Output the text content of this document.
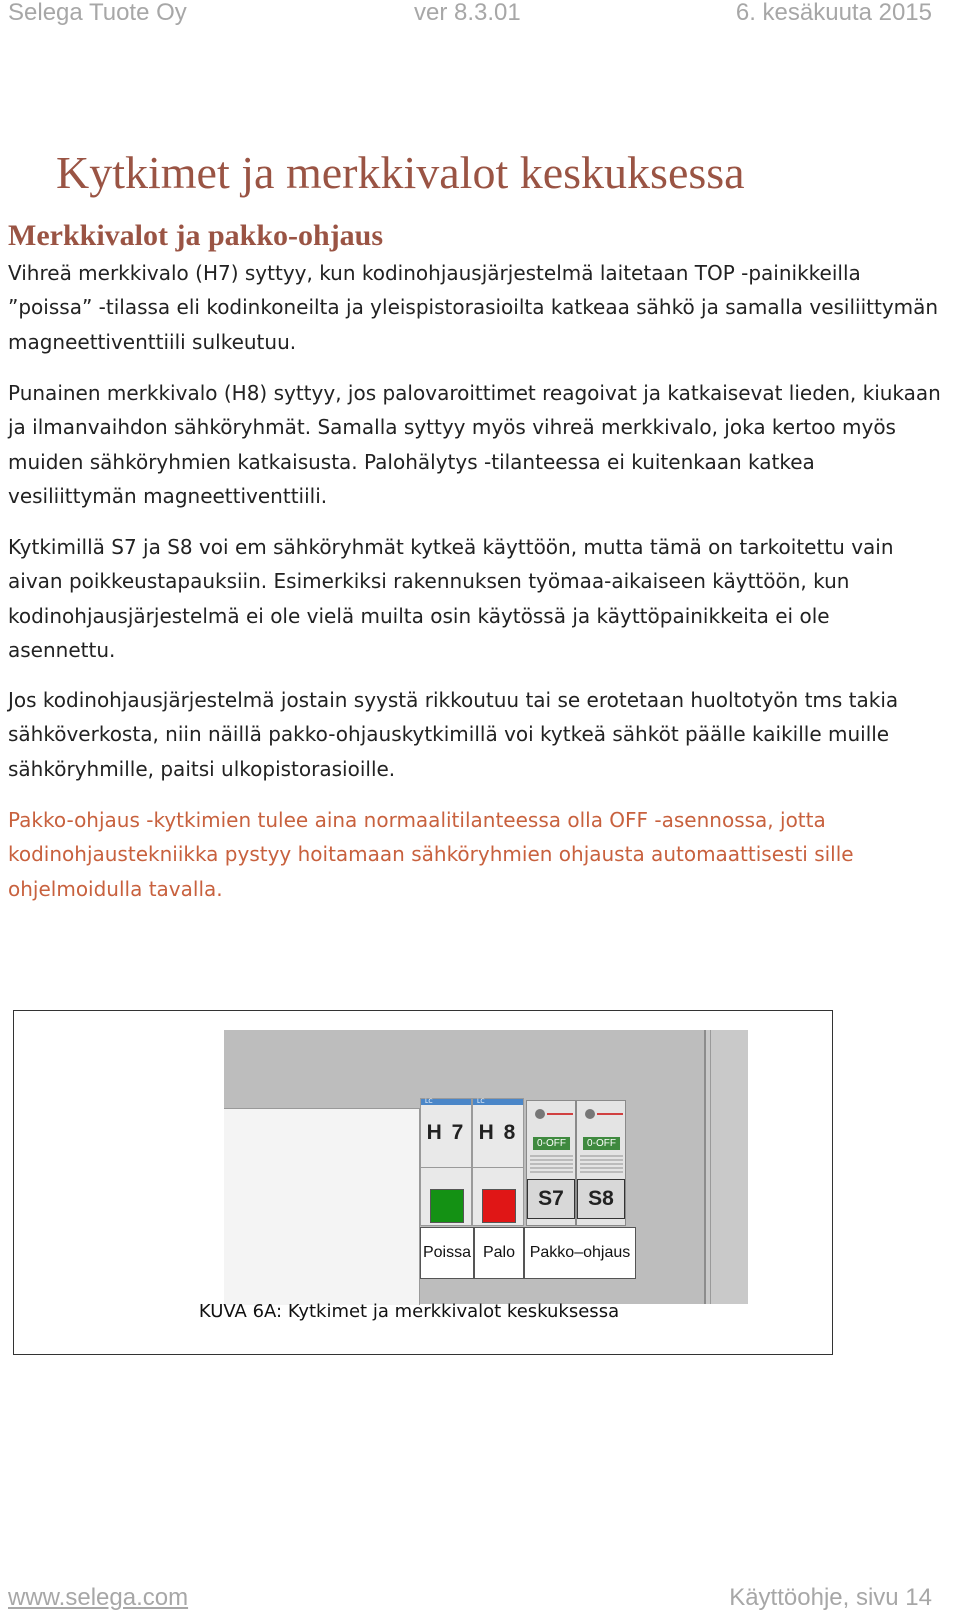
Selega Tuote Oy	ver 8.3.01	6. kesäkuuta 2015
Kytkimet ja merkkivalot keskuksessa
Merkkivalot ja pakko-ohjaus
Vihreä merkkivalo (H7) syttyy, kun kodinohjausjärjestelmä laitetaan TOP -painikkeilla ”poissa” -tilassa eli kodinkoneilta ja yleispistorasioilta katkeaa sähkö ja samalla vesiliittymän magneettiventtiili sulkeutuu.
Punainen merkkivalo (H8) syttyy, jos palovaroittimet reagoivat ja katkaisevat lieden, kiukaan ja ilmanvaihdon sähköryhmät. Samalla syttyy myös vihreä merkkivalo, joka kertoo myös muiden sähköryhmien katkaisusta. Palohälytys -tilanteessa ei kuitenkaan katkea vesiliittymän magneettiventtiili.
Kytkimillä S7 ja S8 voi em sähköryhmät kytkeä käyttöön, mutta tämä on tarkoitettu vain aivan poikkeustapauksiin. Esimerkiksi rakennuksen työmaa-aikaiseen käyttöön, kun kodinohjausjärjestelmä ei ole vielä muilta osin käytössä ja käyttöpainikkeita ei ole asennettu.
Jos kodinohjausjärjestelmä jostain syystä rikkoutuu tai se erotetaan huoltotyön tms takia sähköverkosta, niin näillä pakko-ohjauskytkimillä voi kytkeä sähköt päälle kaikille muille sähköryhmille, paitsi ulkopistorasioille.
Pakko-ohjaus -kytkimien tulee aina normaalitilanteessa olla OFF -asennossa, jotta kodinohjaustekniikka pystyy hoitamaan sähköryhmien ohjausta automaattisesti sille ohjelmoidulla tavalla.
LC
H 7
LC
H 8	0-OFF
S7
0-OFF
S8
Poissa Palo Pakko–ohjaus
KUVA 6A: Kytkimet ja merkkivalot keskuksessa
www.selega.com	Käyttöohje, sivu 14
